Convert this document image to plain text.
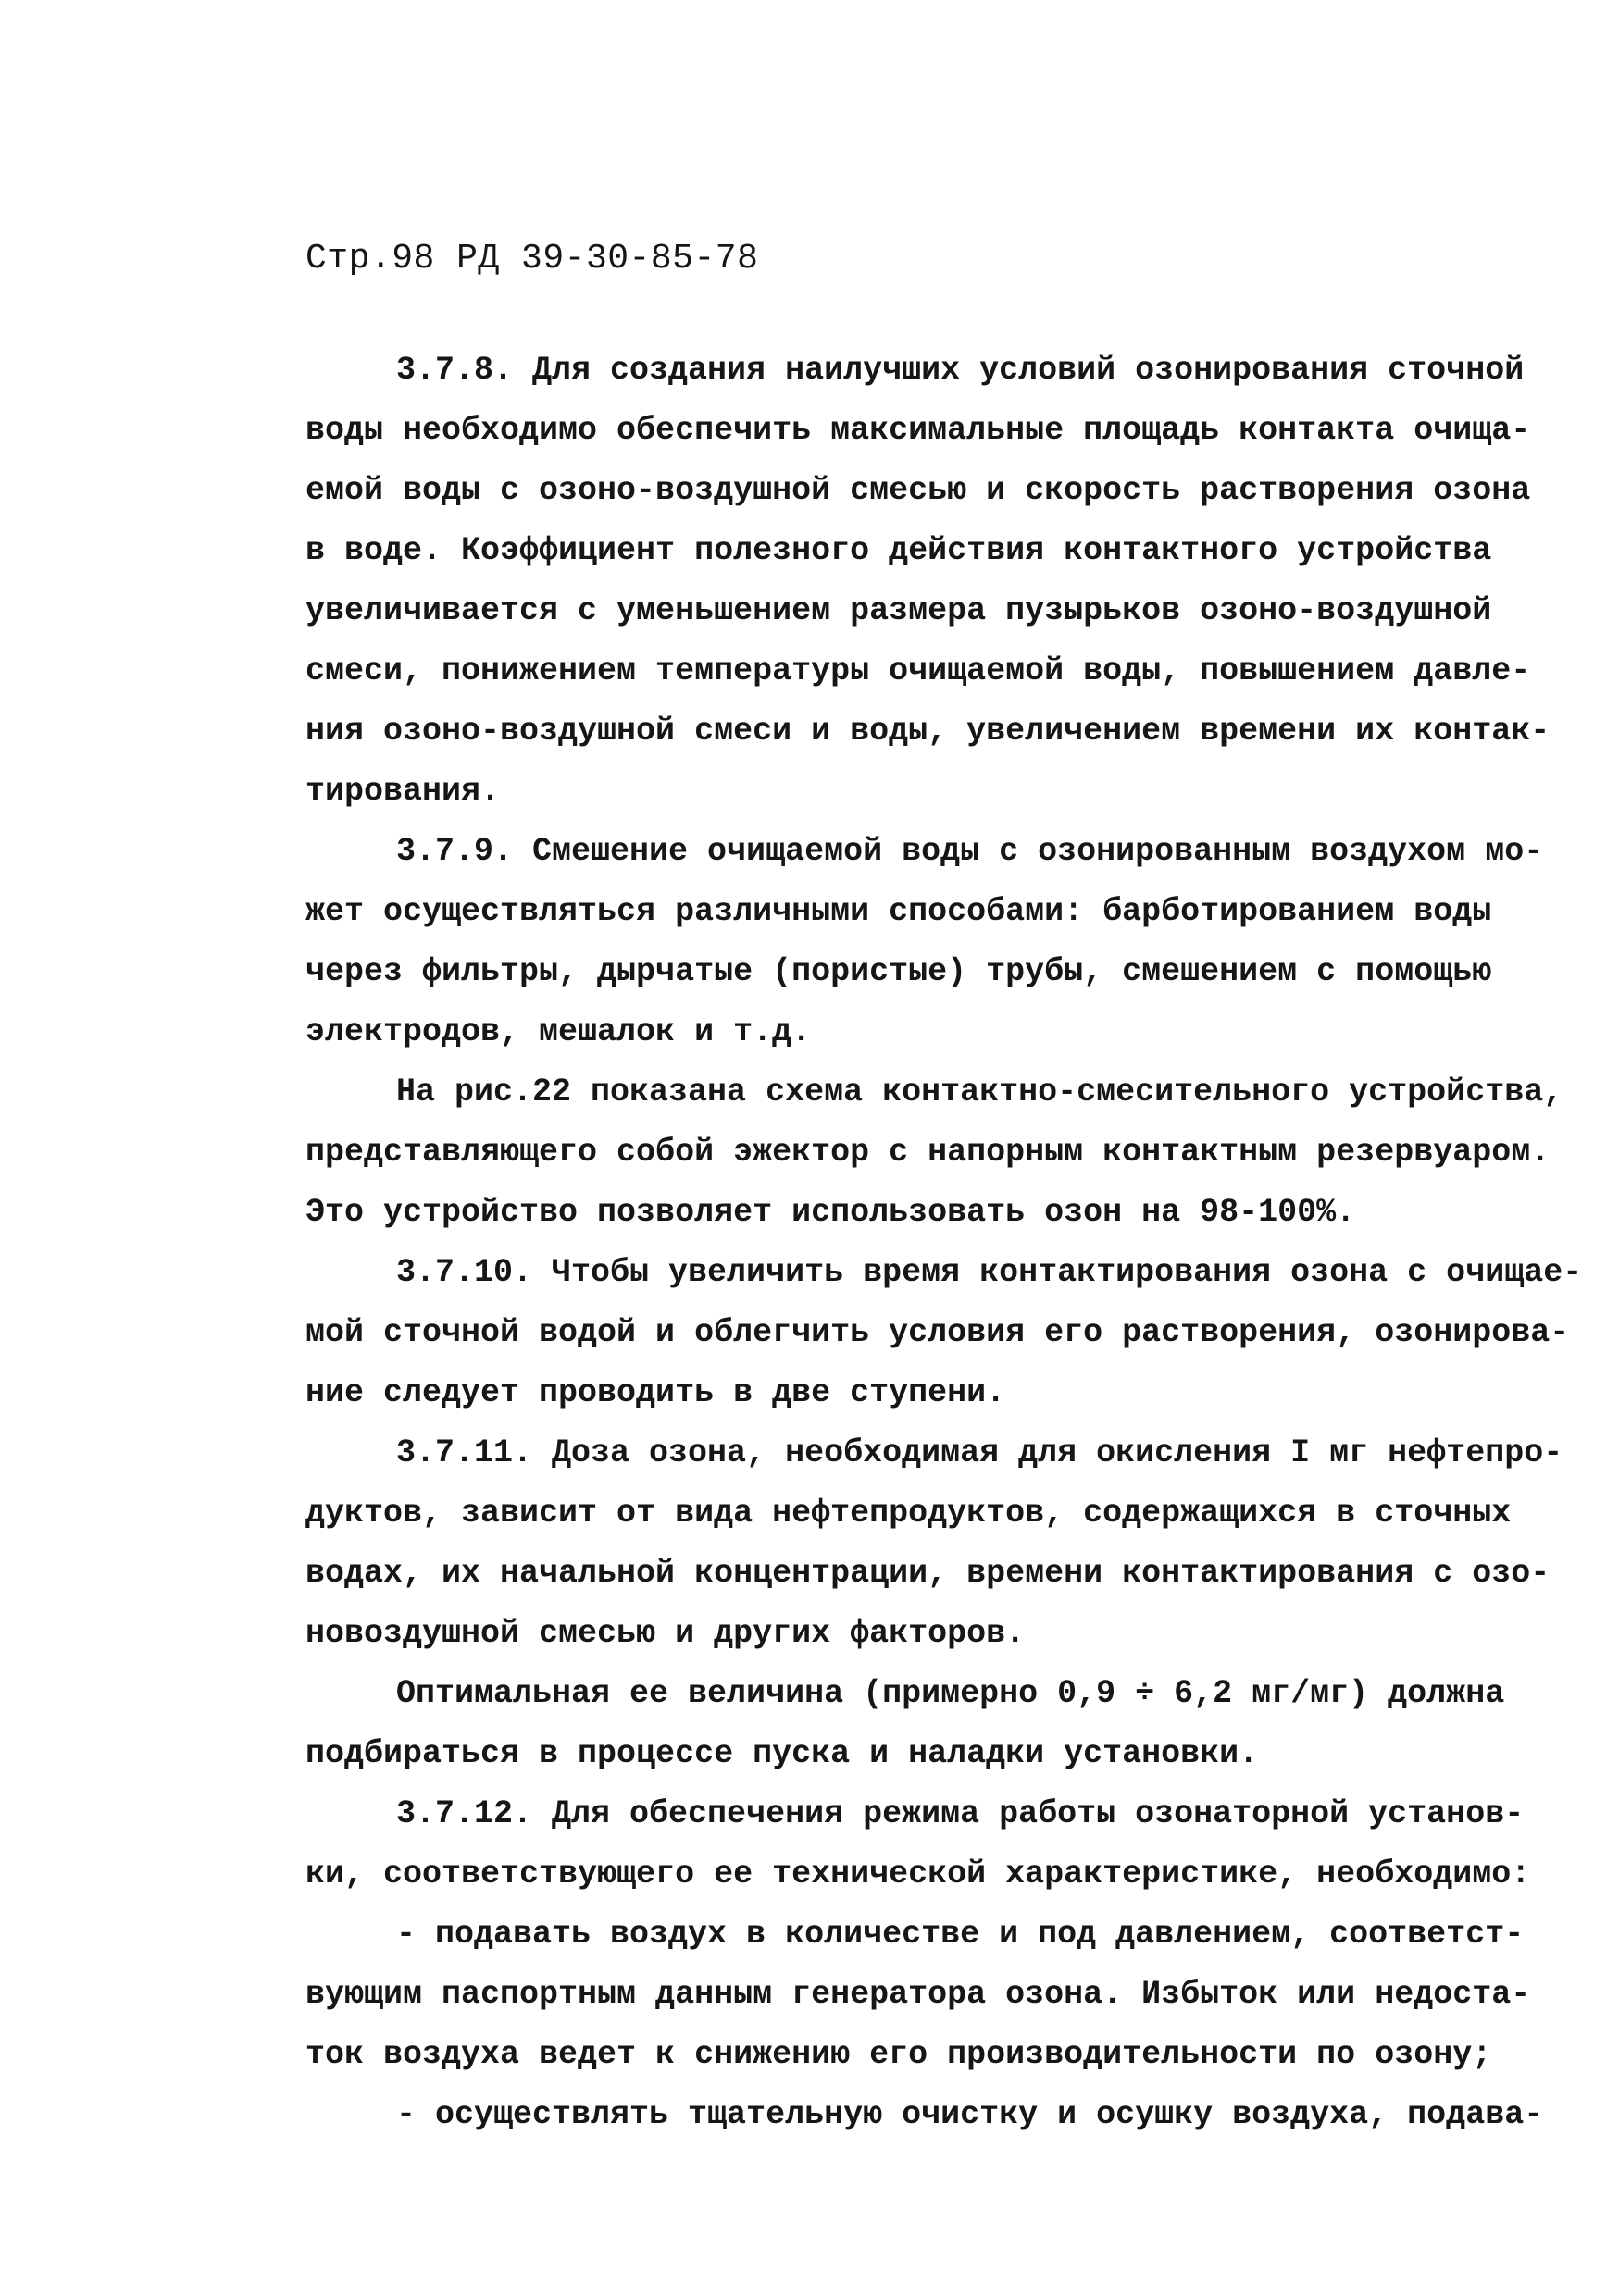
Стр.98 РД 39-30-85-78
3.7.8. Для создания наилучших условий озонирования сточной
воды необходимо обеспечить максимальные площадь контакта очища-
емой воды с озоно-воздушной смесью и скорость растворения озона
в воде. Коэффициент полезного действия контактного устройства
увеличивается с уменьшением размера пузырьков озоно-воздушной
смеси, понижением температуры очищаемой воды, повышением давле-
ния озоно-воздушной смеси и воды, увеличением времени их контак-
тирования.
3.7.9. Смешение очищаемой воды с озонированным воздухом мо-
жет осуществляться различными способами: барботированием воды
через фильтры, дырчатые (пористые) трубы, смешением с помощью
электродов, мешалок и т.д.
На рис.22 показана схема контактно-смесительного устройства,
представляющего собой эжектор с напорным контактным резервуаром.
Это устройство позволяет использовать озон на 98-100%.
3.7.10. Чтобы увеличить время контактирования озона с очищае-
мой сточной водой и облегчить условия его растворения, озонирова-
ние следует проводить в две ступени.
3.7.11. Доза озона, необходимая для окисления I мг нефтепро-
дуктов, зависит от вида нефтепродуктов, содержащихся в сточных
водах, их начальной концентрации, времени контактирования с озо-
новоздушной смесью и других факторов.
Оптимальная ее величина (примерно 0,9 ÷ 6,2 мг/мг) должна
подбираться в процессе пуска и наладки установки.
3.7.12. Для обеспечения режима работы озонаторной установ-
ки, соответствующего ее технической характеристике, необходимо:
- подавать воздух в количестве и под давлением, соответст-
вующим паспортным данным генератора озона. Избыток или недоста-
ток воздуха ведет к снижению его производительности по озону;
- осуществлять тщательную очистку и осушку воздуха, подава-
